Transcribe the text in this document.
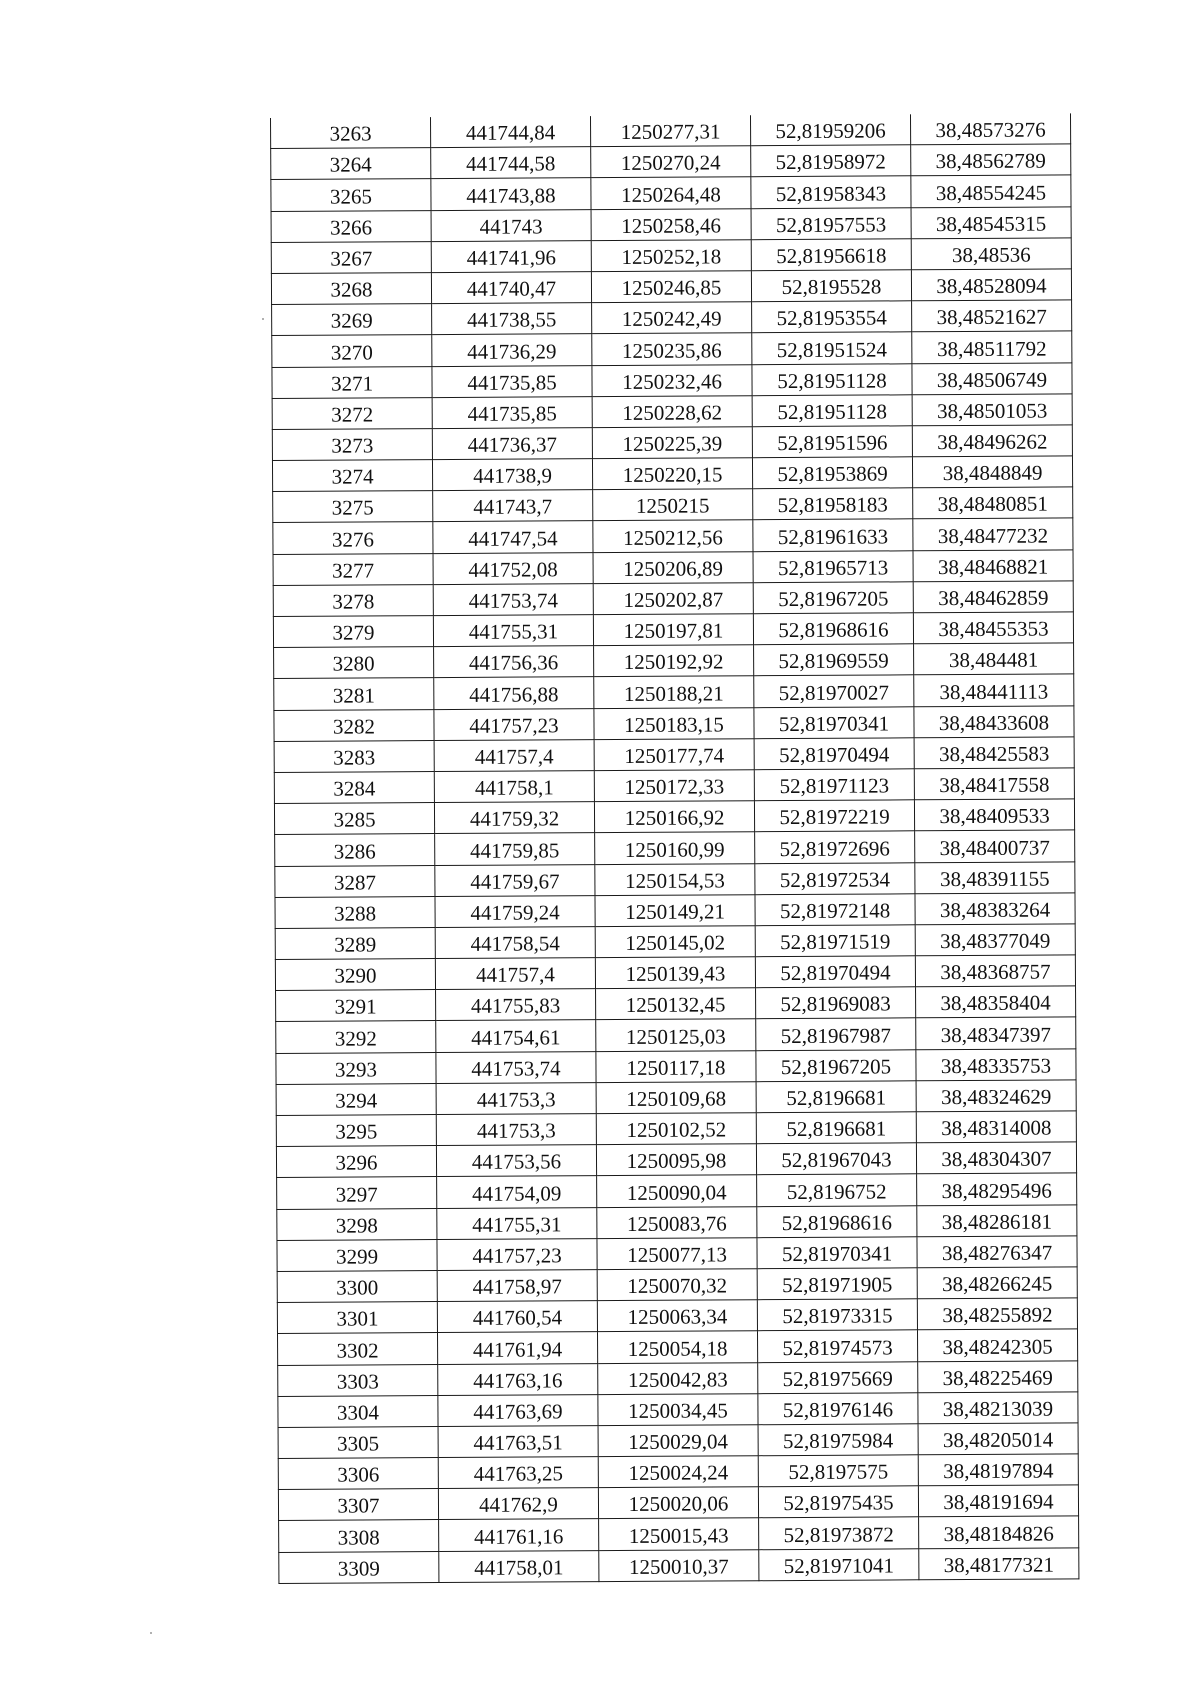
3263	441744,84	1250277,31	52,81959206	38,48573276
3264	441744,58	1250270,24	52,81958972	38,48562789
3265	441743,88	1250264,48	52,81958343	38,48554245
3266	441743	1250258,46	52,81957553	38,48545315
3267	441741,96	1250252,18	52,81956618	38,48536
3268	441740,47	1250246,85	52,8195528	38,48528094
3269	441738,55	1250242,49	52,81953554	38,48521627
3270	441736,29	1250235,86	52,81951524	38,48511792
3271	441735,85	1250232,46	52,81951128	38,48506749
3272	441735,85	1250228,62	52,81951128	38,48501053
3273	441736,37	1250225,39	52,81951596	38,48496262
3274	441738,9	1250220,15	52,81953869	38,4848849
3275	441743,7	1250215	52,81958183	38,48480851
3276	441747,54	1250212,56	52,81961633	38,48477232
3277	441752,08	1250206,89	52,81965713	38,48468821
3278	441753,74	1250202,87	52,81967205	38,48462859
3279	441755,31	1250197,81	52,81968616	38,48455353
3280	441756,36	1250192,92	52,81969559	38,484481
3281	441756,88	1250188,21	52,81970027	38,48441113
3282	441757,23	1250183,15	52,81970341	38,48433608
3283	441757,4	1250177,74	52,81970494	38,48425583
3284	441758,1	1250172,33	52,81971123	38,48417558
3285	441759,32	1250166,92	52,81972219	38,48409533
3286	441759,85	1250160,99	52,81972696	38,48400737
3287	441759,67	1250154,53	52,81972534	38,48391155
3288	441759,24	1250149,21	52,81972148	38,48383264
3289	441758,54	1250145,02	52,81971519	38,48377049
3290	441757,4	1250139,43	52,81970494	38,48368757
3291	441755,83	1250132,45	52,81969083	38,48358404
3292	441754,61	1250125,03	52,81967987	38,48347397
3293	441753,74	1250117,18	52,81967205	38,48335753
3294	441753,3	1250109,68	52,8196681	38,48324629
3295	441753,3	1250102,52	52,8196681	38,48314008
3296	441753,56	1250095,98	52,81967043	38,48304307
3297	441754,09	1250090,04	52,8196752	38,48295496
3298	441755,31	1250083,76	52,81968616	38,48286181
3299	441757,23	1250077,13	52,81970341	38,48276347
3300	441758,97	1250070,32	52,81971905	38,48266245
3301	441760,54	1250063,34	52,81973315	38,48255892
3302	441761,94	1250054,18	52,81974573	38,48242305
3303	441763,16	1250042,83	52,81975669	38,48225469
3304	441763,69	1250034,45	52,81976146	38,48213039
3305	441763,51	1250029,04	52,81975984	38,48205014
3306	441763,25	1250024,24	52,8197575	38,48197894
3307	441762,9	1250020,06	52,81975435	38,48191694
3308	441761,16	1250015,43	52,81973872	38,48184826
3309	441758,01	1250010,37	52,81971041	38,48177321
